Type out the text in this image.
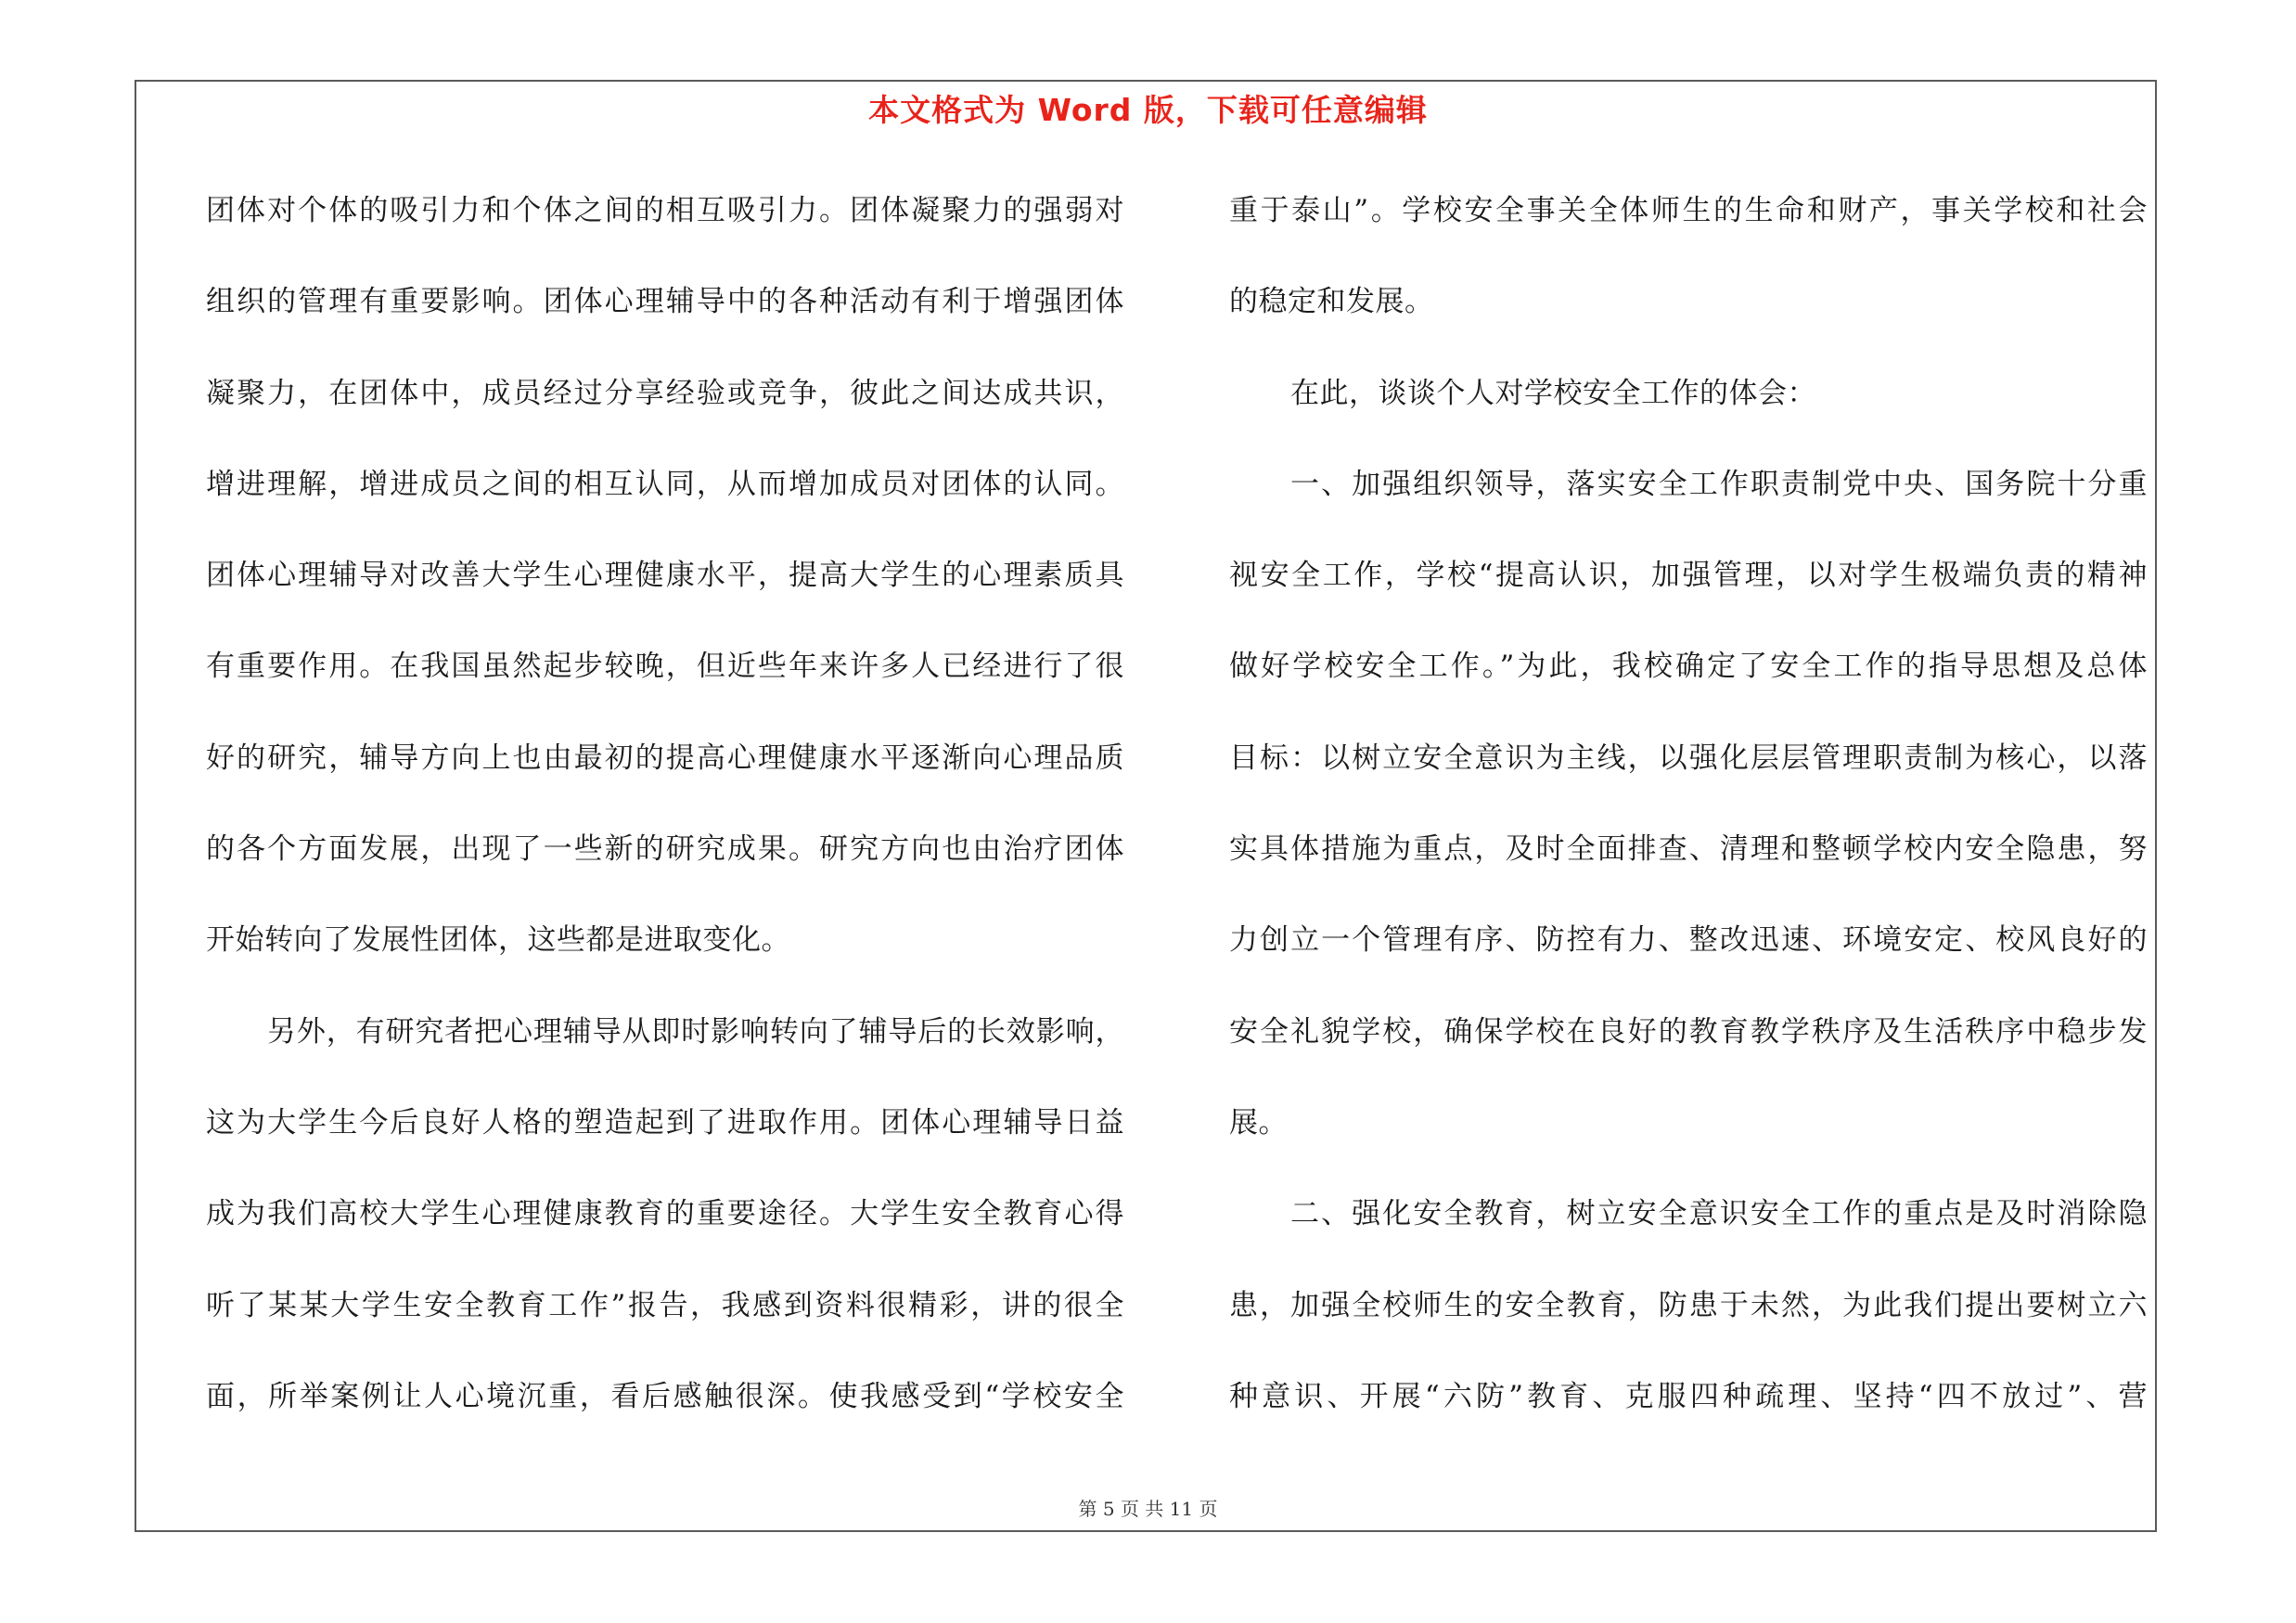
本文格式为 Word 版，下载可任意编辑
团体对个体的吸引力和个体之间的相互吸引力。团体凝聚力的强弱对
组织的管理有重要影响。团体心理辅导中的各种活动有利于增强团体
凝聚力，在团体中，成员经过分享经验或竞争，彼此之间达成共识，
增进理解，增进成员之间的相互认同，从而增加成员对团体的认同。
团体心理辅导对改善大学生心理健康水平，提高大学生的心理素质具
有重要作用。在我国虽然起步较晚，但近些年来许多人已经进行了很
好的研究，辅导方向上也由最初的提高心理健康水平逐渐向心理品质
的各个方面发展，出现了一些新的研究成果。研究方向也由治疗团体
开始转向了发展性团体，这些都是进取变化。
另外，有研究者把心理辅导从即时影响转向了辅导后的长效影响，
这为大学生今后良好人格的塑造起到了进取作用。团体心理辅导日益
成为我们高校大学生心理健康教育的重要途径。大学生安全教育心得
听了某某大学生安全教育工作”报告，我感到资料很精彩，讲的很全
面，所举案例让人心境沉重，看后感触很深。使我感受到“学校安全
重于泰山”。学校安全事关全体师生的生命和财产，事关学校和社会
的稳定和发展。
在此，谈谈个人对学校安全工作的体会：
一、加强组织领导，落实安全工作职责制党中央、国务院十分重
视安全工作，学校“提高认识，加强管理，以对学生极端负责的精神
做好学校安全工作。”为此，我校确定了安全工作的指导思想及总体
目标：以树立安全意识为主线，以强化层层管理职责制为核心，以落
实具体措施为重点，及时全面排查、清理和整顿学校内安全隐患，努
力创立一个管理有序、防控有力、整改迅速、环境安定、校风良好的
安全礼貌学校，确保学校在良好的教育教学秩序及生活秩序中稳步发
展。
二、强化安全教育，树立安全意识安全工作的重点是及时消除隐
患，加强全校师生的安全教育，防患于未然，为此我们提出要树立六
种意识、开展“六防”教育、克服四种疏理、坚持“四不放过”、营
第 5 页 共 11 页
